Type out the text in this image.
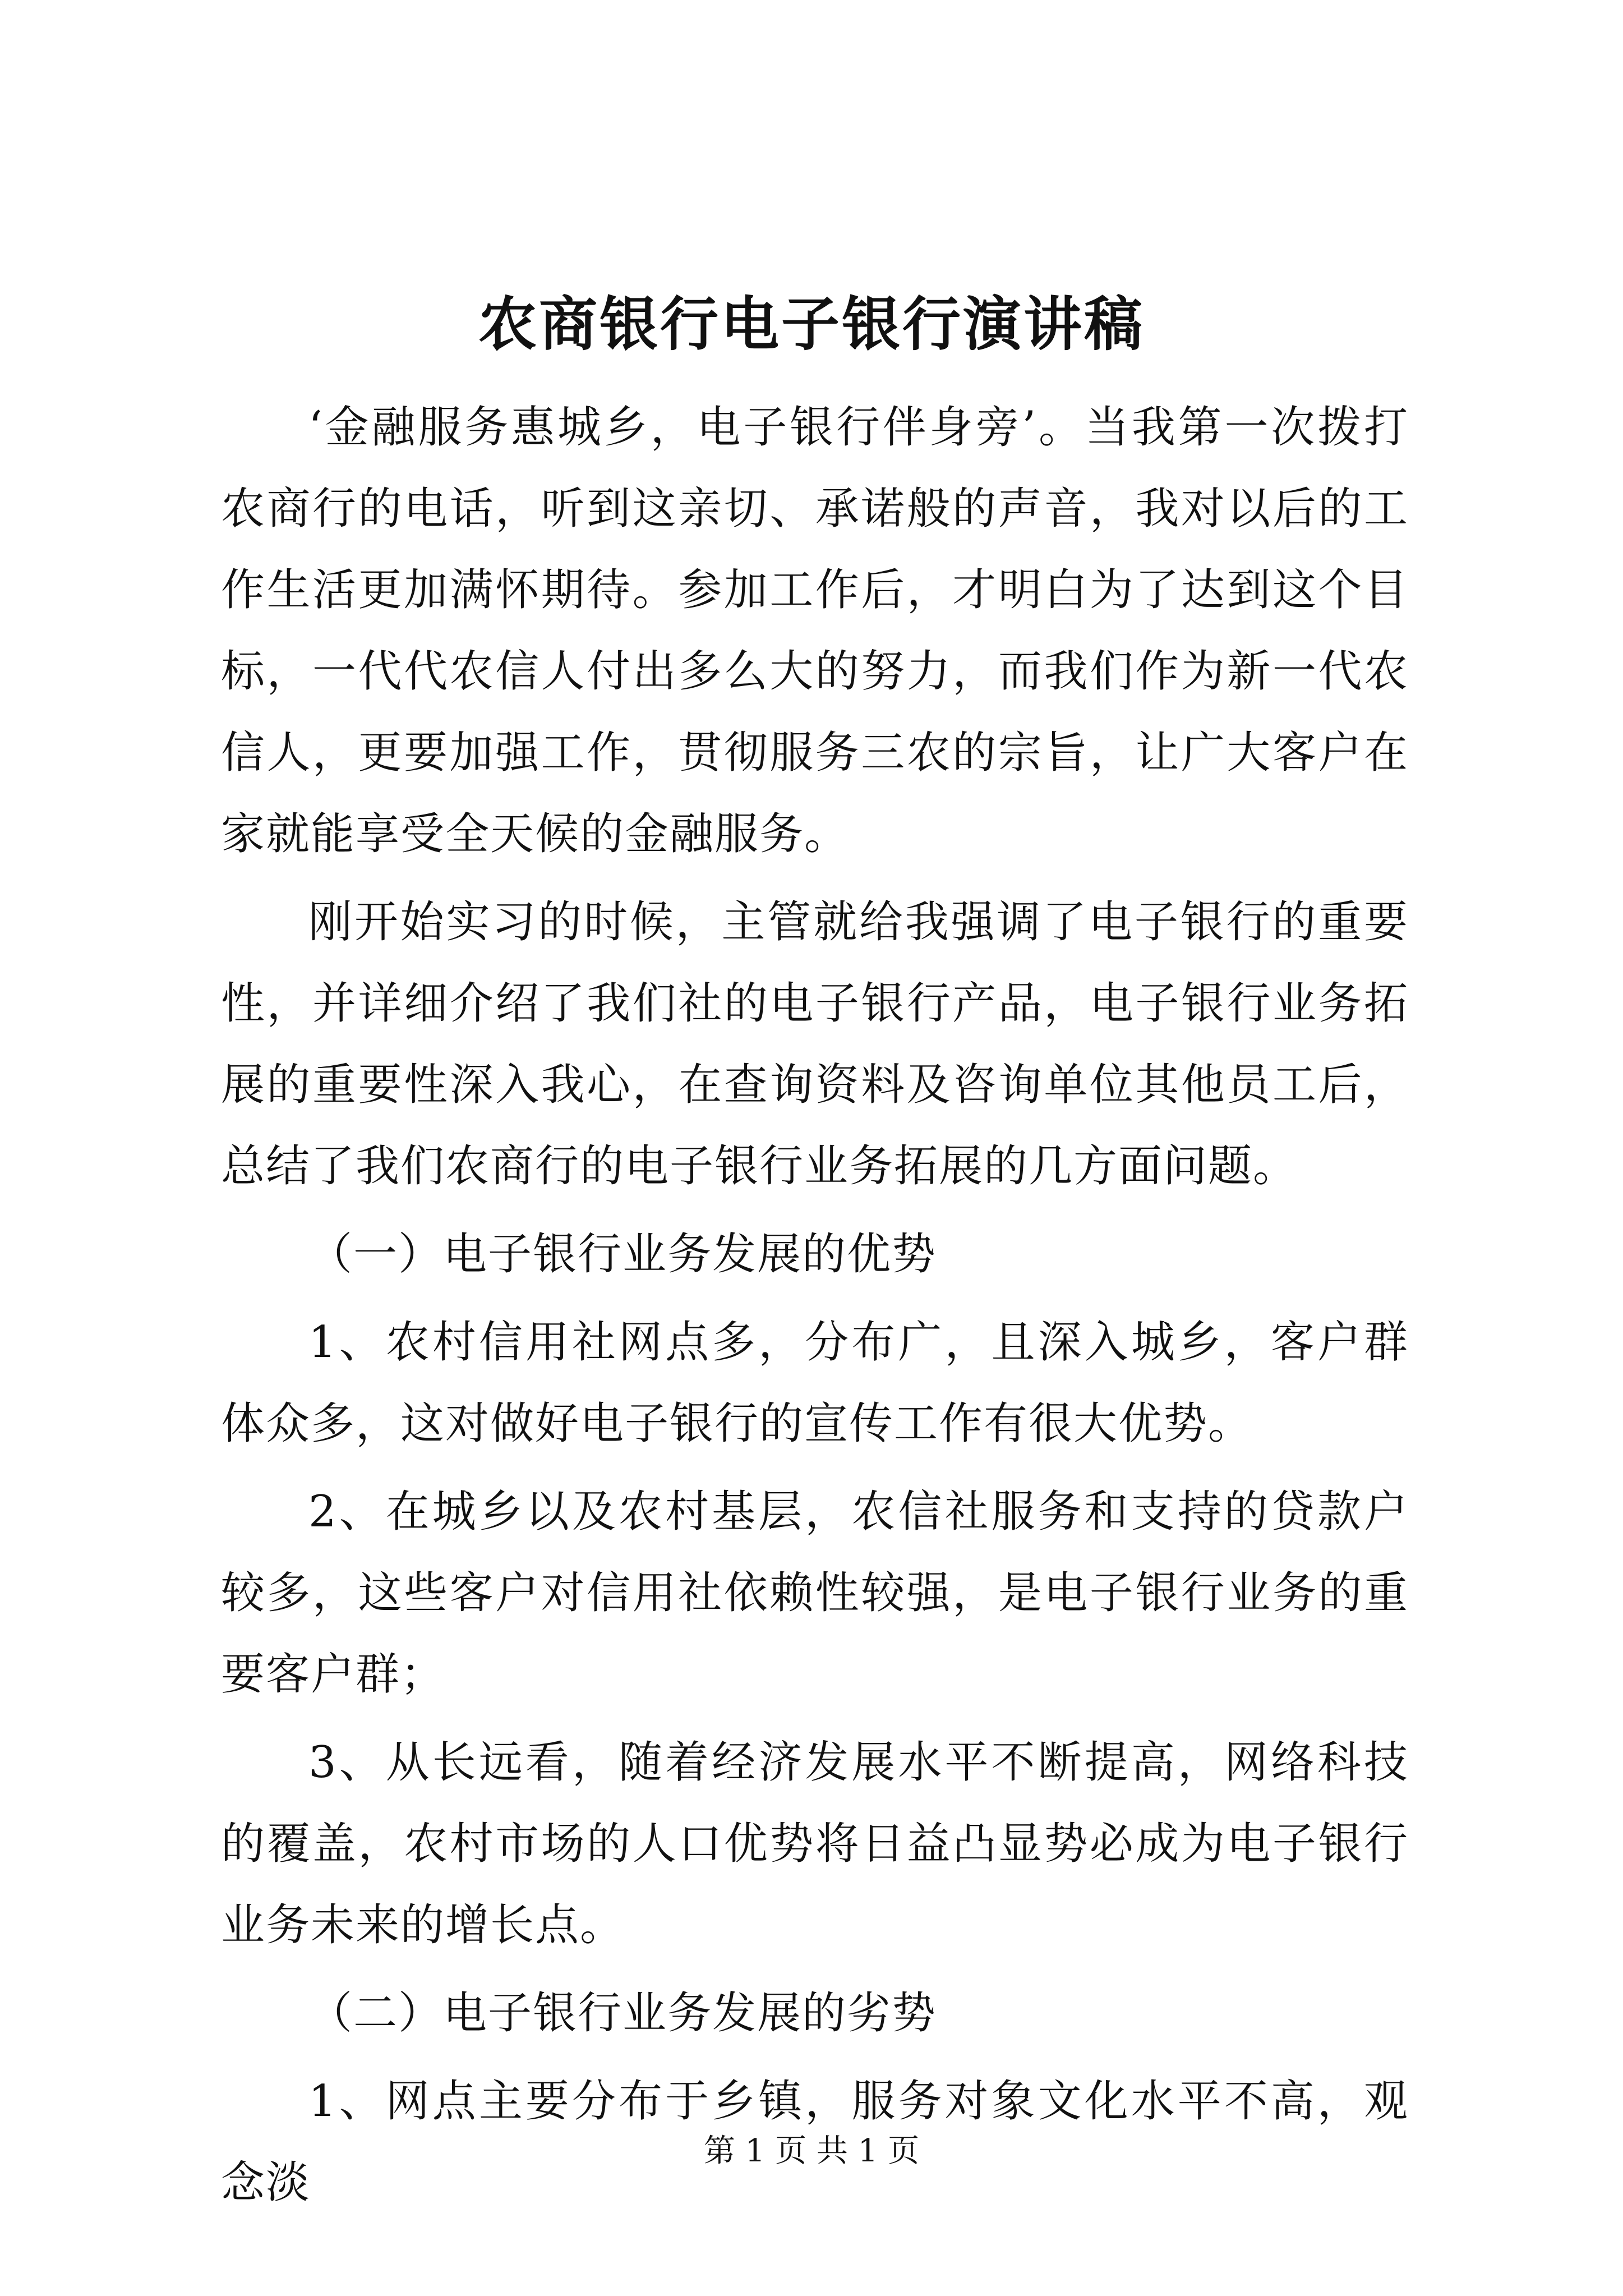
农商银行电子银行演讲稿

‘金融服务惠城乡，电子银行伴身旁’。当我第一次拨打农商行的电话，听到这亲切、承诺般的声音，我对以后的工作生活更加满怀期待。参加工作后，才明白为了达到这个目标，一代代农信人付出多么大的努力，而我们作为新一代农信人，更要加强工作，贯彻服务三农的宗旨，让广大客户在家就能享受全天候的金融服务。

刚开始实习的时候，主管就给我强调了电子银行的重要性，并详细介绍了我们社的电子银行产品，电子银行业务拓展的重要性深入我心，在查询资料及咨询单位其他员工后，总结了我们农商行的电子银行业务拓展的几方面问题。

（一）电子银行业务发展的优势

1、农村信用社网点多，分布广，且深入城乡，客户群体众多，这对做好电子银行的宣传工作有很大优势。

2、在城乡以及农村基层，农信社服务和支持的贷款户较多，这些客户对信用社依赖性较强，是电子银行业务的重要客户群；

3、从长远看，随着经济发展水平不断提高，网络科技的覆盖，农村市场的人口优势将日益凸显势必成为电子银行业务未来的增长点。

（二）电子银行业务发展的劣势

1、网点主要分布于乡镇，服务对象文化水平不高，观念淡

第 1 页 共 1 页
